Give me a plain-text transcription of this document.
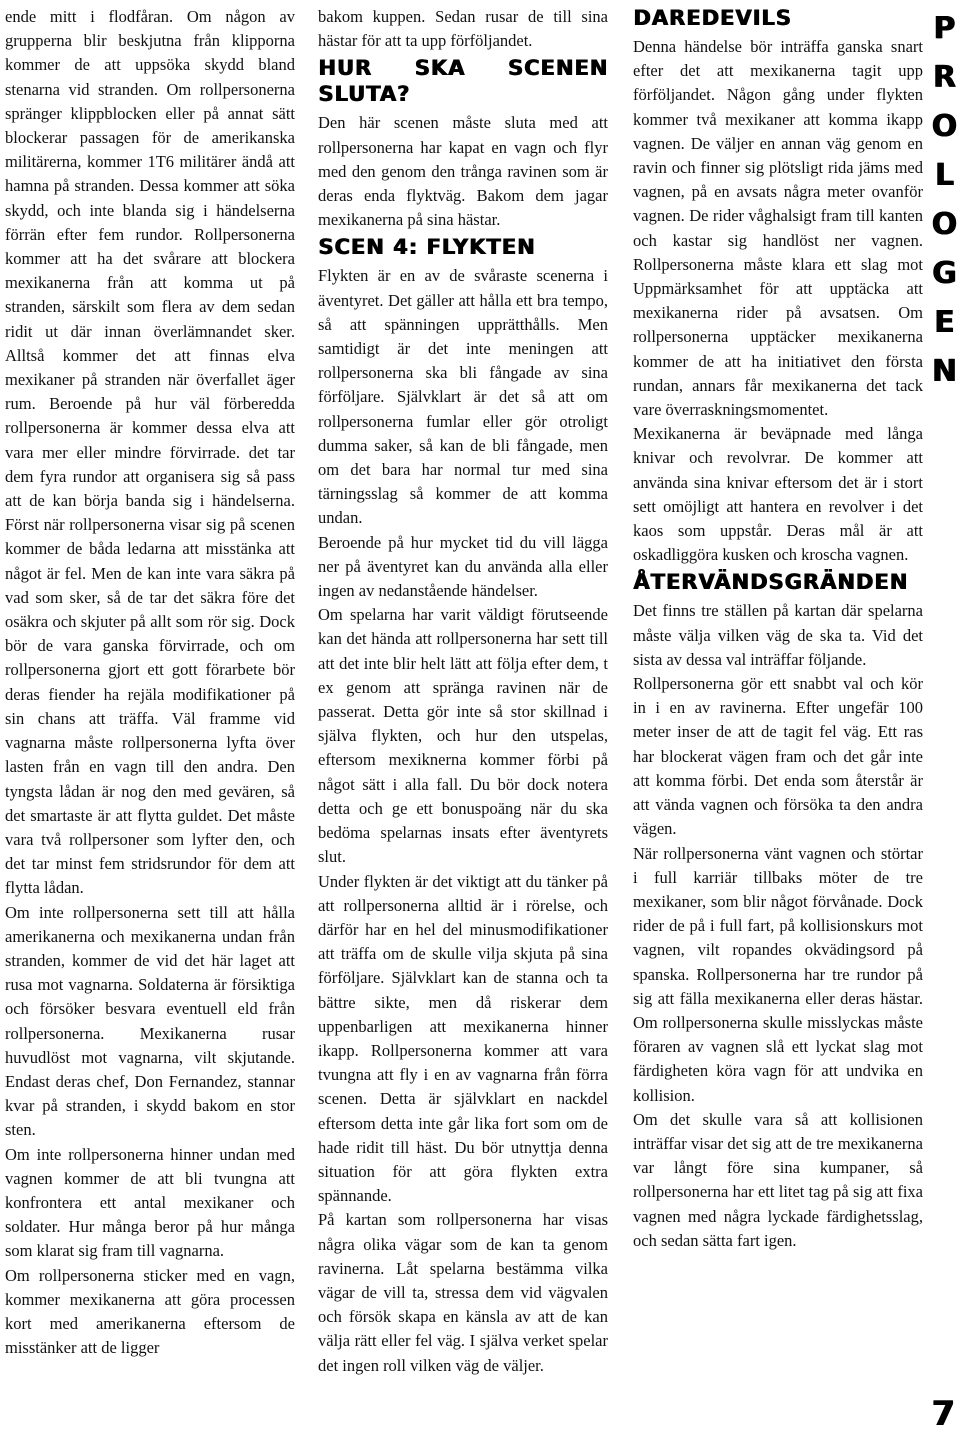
ende mitt i flodfåran. Om någon av grupperna blir beskjutna från klipporna kommer de att uppsöka skydd bland stenarna vid stranden. Om rollpersonerna spränger klippblocken eller på annat sätt blockerar passagen för de amerikanska militärerna, kommer 1T6 militärer ändå att hamna på stranden. Dessa kommer att söka skydd, och inte blanda sig i händelserna förrän efter fem rundor. Rollpersonerna kommer att ha det svårare att blockera mexikanerna från att komma ut på stranden, särskilt som flera av dem sedan ridit ut där innan överlämnandet sker. Alltså kommer det att finnas elva mexikaner på stranden när överfallet äger rum. Beroende på hur väl förberedda rollpersonerna är kommer dessa elva att vara mer eller mindre förvirrade. det tar dem fyra rundor att organisera sig så pass att de kan börja banda sig i händelserna. Först när rollpersonerna visar sig på scenen kommer de båda ledarna att misstänka att något är fel. Men de kan inte vara säkra på vad som sker, så de tar det säkra före det osäkra och skjuter på allt som rör sig. Dock bör de vara ganska förvirrade, och om rollpersonerna gjort ett gott förarbete bör deras fiender ha rejäla modifikationer på sin chans att träffa. Väl framme vid vagnarna måste rollpersonerna lyfta över lasten från en vagn till den andra. Den tyngsta lådan är nog den med gevären, så det smartaste är att flytta guldet. Det måste vara två rollpersoner som lyfter den, och det tar minst fem stridsrundor för dem att flytta lådan.

Om inte rollpersonerna sett till att hålla amerikanerna och mexikanerna undan från stranden, kommer de vid det här laget att rusa mot vagnarna. Soldaterna är försiktiga och försöker besvara eventuell eld från rollpersonerna. Mexikanerna rusar huvudlöst mot vagnarna, vilt skjutande. Endast deras chef, Don Fernandez, stannar kvar på stranden, i skydd bakom en stor sten.

Om inte rollpersonerna hinner undan med vagnen kommer de att bli tvungna att konfrontera ett antal mexikaner och soldater. Hur många beror på hur många som klarat sig fram till vagnarna.

Om rollpersonerna sticker med en vagn, kommer mexikanerna att göra processen kort med amerikanerna eftersom de misstänker att de ligger

bakom kuppen. Sedan rusar de till sina hästar för att ta upp förföljandet.

HUR SKA SCENEN SLUTA?

Den här scenen måste sluta med att rollpersonerna har kapat en vagn och flyr med den genom den trånga ravinen som är deras enda flyktväg. Bakom dem jagar mexikanerna på sina hästar.

SCEN 4: FLYKTEN

Flykten är en av de svåraste scenerna i äventyret. Det gäller att hålla ett bra tempo, så att spänningen upprätthålls. Men samtidigt är det inte meningen att rollpersonerna ska bli fångade av sina förföljare. Självklart är det så att om rollpersonerna fumlar eller gör otroligt dumma saker, så kan de bli fångade, men om det bara har normal tur med sina tärningsslag så kommer de att komma undan.

Beroende på hur mycket tid du vill lägga ner på äventyret kan du använda alla eller ingen av nedanstående händelser.

Om spelarna har varit väldigt förutseende kan det hända att rollpersonerna har sett till att det inte blir helt lätt att följa efter dem, t ex genom att spränga ravinen när de passerat. Detta gör inte så stor skillnad i själva flykten, och hur den utspelas, eftersom mexiknerna kommer förbi på något sätt i alla fall. Du bör dock notera detta och ge ett bonuspoäng när du ska bedöma spelarnas insats efter äventyrets slut.

Under flykten är det viktigt att du tänker på att rollpersonerna alltid är i rörelse, och därför har en hel del minusmodifikationer att träffa om de skulle vilja skjuta på sina förföljare. Självklart kan de stanna och ta bättre sikte, men då riskerar dem uppenbarligen att mexikanerna hinner ikapp. Rollpersonerna kommer att vara tvungna att fly i en av vagnarna från förra scenen. Detta är självklart en nackdel eftersom detta inte går lika fort som om de hade ridit till häst. Du bör utnyttja denna situation för att göra flykten extra spännande.

På kartan som rollpersonerna har visas några olika vägar som de kan ta genom ravinerna. Låt spelarna bestämma vilka vägar de vill ta, stressa dem vid vägvalen och försök skapa en känsla av att de kan välja rätt eller fel väg. I själva verket spelar det ingen roll vilken väg de väljer.

DAREDEVILS

Denna händelse bör inträffa ganska snart efter det att mexikanerna tagit upp förföljandet. Någon gång under flykten kommer två mexikaner att komma ikapp vagnen. De väljer en annan väg genom en ravin och finner sig plötsligt rida jäms med vagnen, på en avsats några meter ovanför vagnen. De rider våghalsigt fram till kanten och kastar sig handlöst ner vagnen. Rollpersonerna måste klara ett slag mot Uppmärksamhet för att upptäcka att mexikanerna rider på avsatsen. Om rollpersonerna upptäcker mexikanerna kommer de att ha initiativet den första rundan, annars får mexikanerna det tack vare överraskningsmomentet.

Mexikanerna är beväpnade med långa knivar och revolvrar. De kommer att använda sina knivar eftersom det är i stort sett omöjligt att hantera en revolver i det kaos som uppstår. Deras mål är att oskadliggöra kusken och kroscha vagnen.

ÅTERVÄNDSGRÄNDEN

Det finns tre ställen på kartan där spelarna måste välja vilken väg de ska ta. Vid det sista av dessa val inträffar följande.

Rollpersonerna gör ett snabbt val och kör in i en av ravinerna. Efter ungefär 100 meter inser de att de tagit fel väg. Ett ras har blockerat vägen fram och det går inte att komma förbi. Det enda som återstår är att vända vagnen och försöka ta den andra vägen.

När rollpersonerna vänt vagnen och störtar i full karriär tillbaks möter de tre mexikaner, som blir något förvånade. Dock rider de på i full fart, på kollisionskurs mot vagnen, vilt ropandes okvädingsord på spanska. Rollpersonerna har tre rundor på sig att fälla mexikanerna eller deras hästar. Om rollpersonerna skulle misslyckas måste föraren av vagnen slå ett lyckat slag mot färdigheten köra vagn för att undvika en kollision.

Om det skulle vara så att kollisionen inträffar visar det sig att de tre mexikanerna var långt före sina kumpaner, så rollpersonerna har ett litet tag på sig att fixa vagnen med några lyckade färdighetsslag, och sedan sätta fart igen.

P
R
O
L
O
G
E
N
7
